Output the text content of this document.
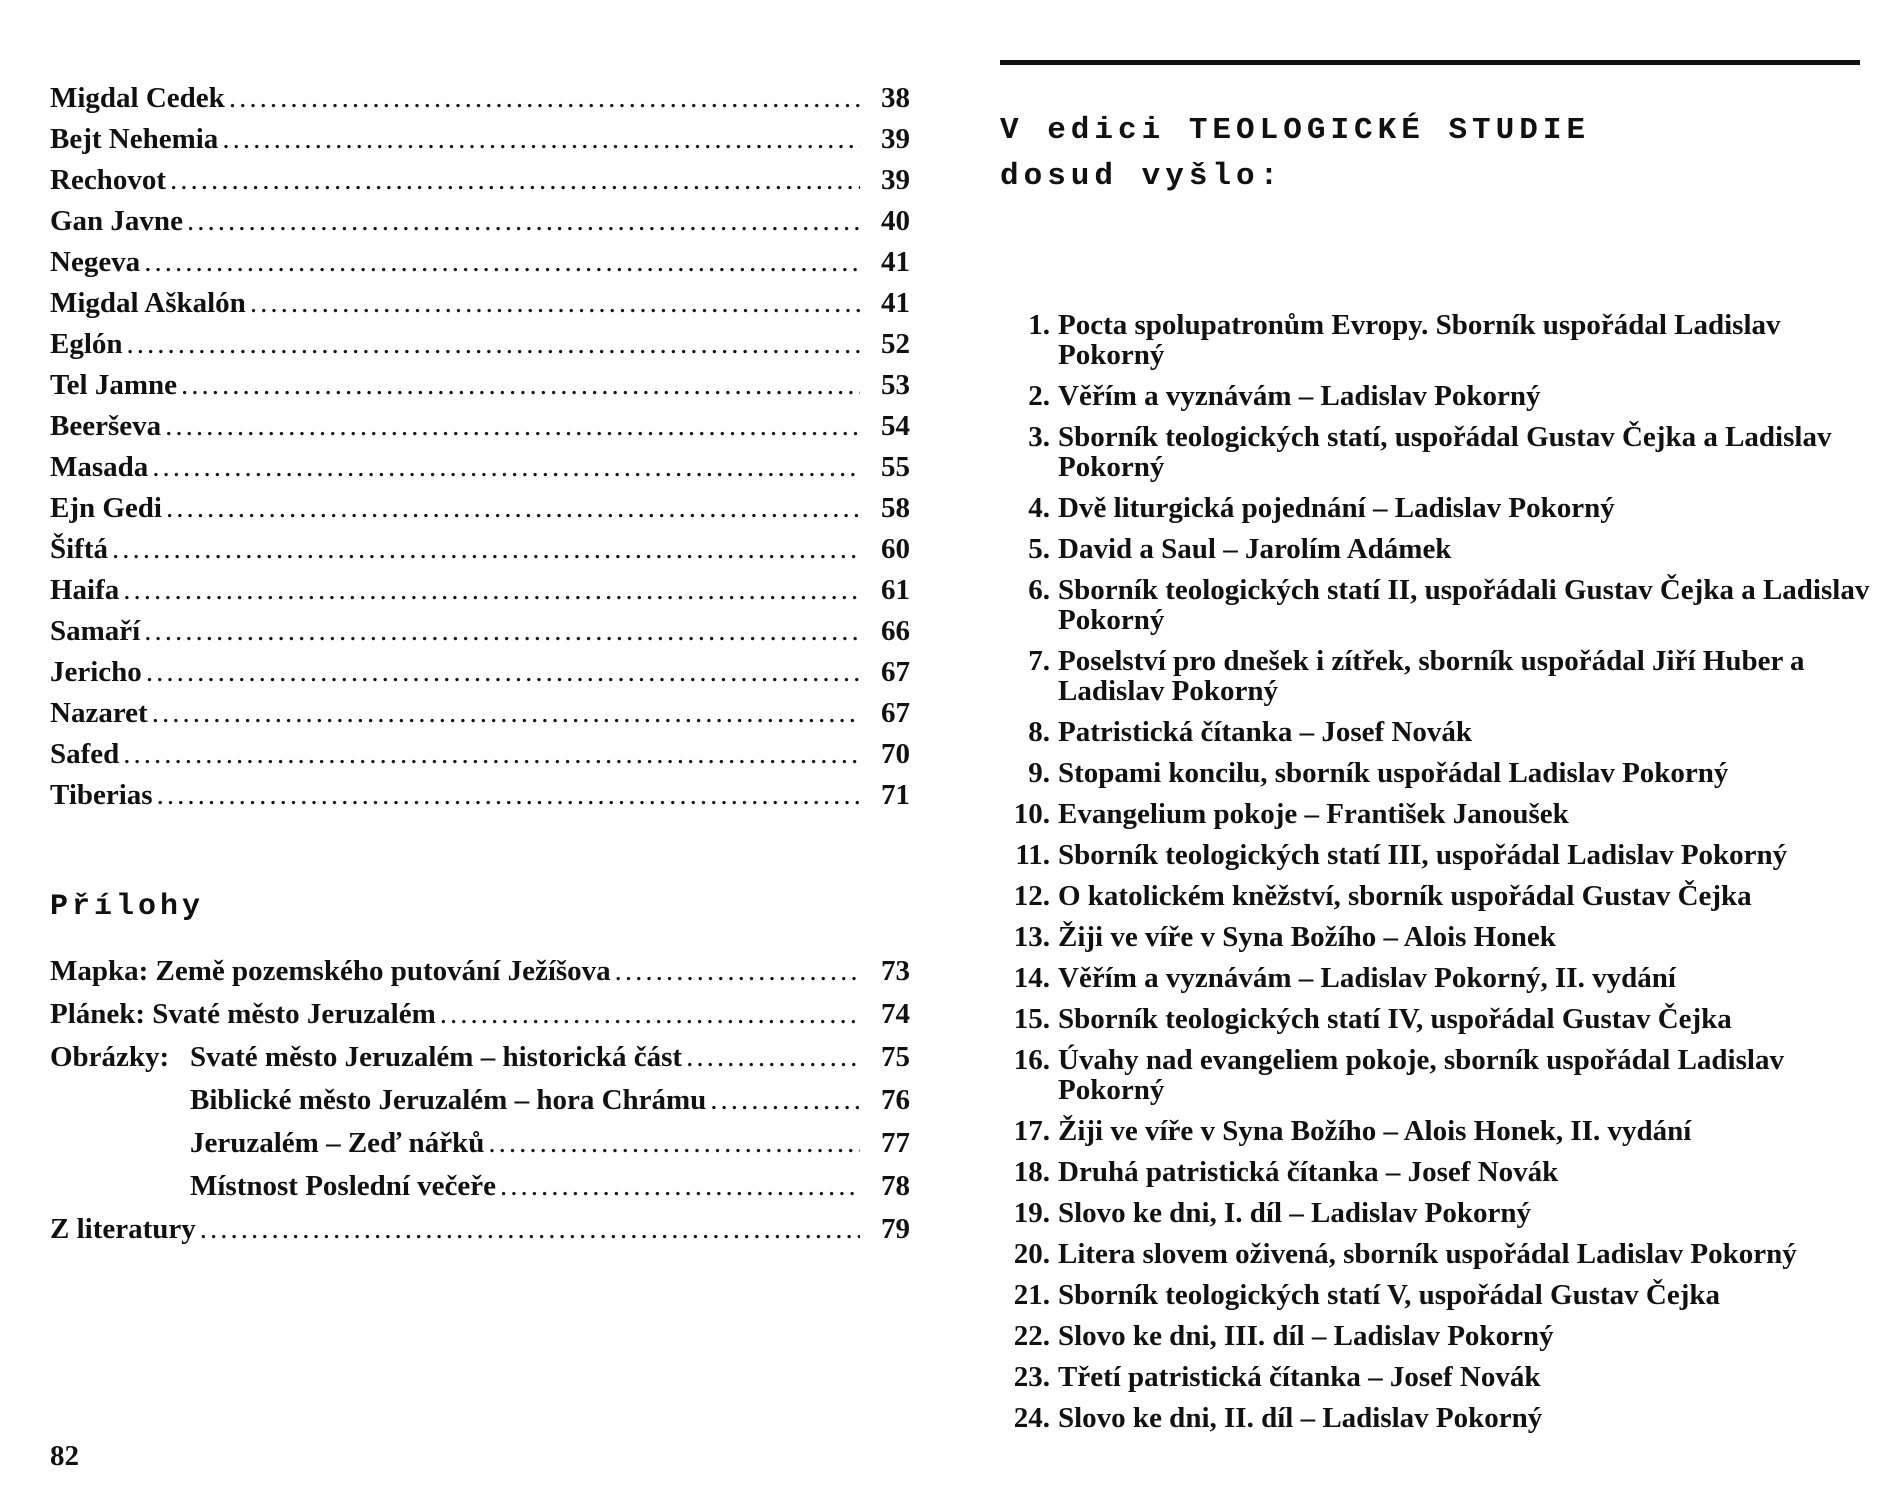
Migdal Cedek .....	38
Bejt Nehemia .....	39
Rechovot .....	39
Gan Javne .....	40
Negeva .....	41
Migdal Aškalón .....	41
Eglón .....	52
Tel Jamne .....	53
Beerševa .....	54
Masada .....	55
Ejn Gedi .....	58
Šiftá .....	60
Haifa .....	61
Samaří .....	66
Jericho .....	67
Nazaret .....	67
Safed .....	70
Tiberias .....	71
Přílohy
Mapka: Země pozemského putování Ježíšova .....	73
Plánek: Svaté město Jeruzalém .....	74
Obrázky: Svaté město Jeruzalém – historická část .....	75
Biblické město Jeruzalém – hora Chrámu .....	76
Jeruzalém – Zeď nářků .....	77
Místnost Poslední večeře .....	78
Z literatury .....	79
82
V edici TEOLOGICKÉ STUDIE
dosud vyšlo:
1. Pocta spolupatronům Evropy. Sborník uspořádal Ladislav Pokorný
2. Věřím a vyznávám – Ladislav Pokorný
3. Sborník teologických statí, uspořádal Gustav Čejka a Ladislav Pokorný
4. Dvě liturgická pojednání – Ladislav Pokorný
5. David a Saul – Jarolím Adámek
6. Sborník teologických statí II, uspořádali Gustav Čejka a Ladislav Pokorný
7. Poselství pro dnešek i zítřek, sborník uspořádal Jiří Huber a Ladislav Pokorný
8. Patristická čítanka – Josef Novák
9. Stopami koncilu, sborník uspořádal Ladislav Pokorný
10. Evangelium pokoje – František Janoušek
11. Sborník teologických statí III, uspořádal Ladislav Pokorný
12. O katolickém kněžství, sborník uspořádal Gustav Čejka
13. Žiji ve víře v Syna Božího – Alois Honek
14. Věřím a vyznávám – Ladislav Pokorný, II. vydání
15. Sborník teologických statí IV, uspořádal Gustav Čejka
16. Úvahy nad evangeliem pokoje, sborník uspořádal Ladislav Pokorný
17. Žiji ve víře v Syna Božího – Alois Honek, II. vydání
18. Druhá patristická čítanka – Josef Novák
19. Slovo ke dni, I. díl – Ladislav Pokorný
20. Litera slovem oživená, sborník uspořádal Ladislav Pokorný
21. Sborník teologických statí V, uspořádal Gustav Čejka
22. Slovo ke dni, III. díl – Ladislav Pokorný
23. Třetí patristická čítanka – Josef Novák
24. Slovo ke dni, II. díl – Ladislav Pokorný
